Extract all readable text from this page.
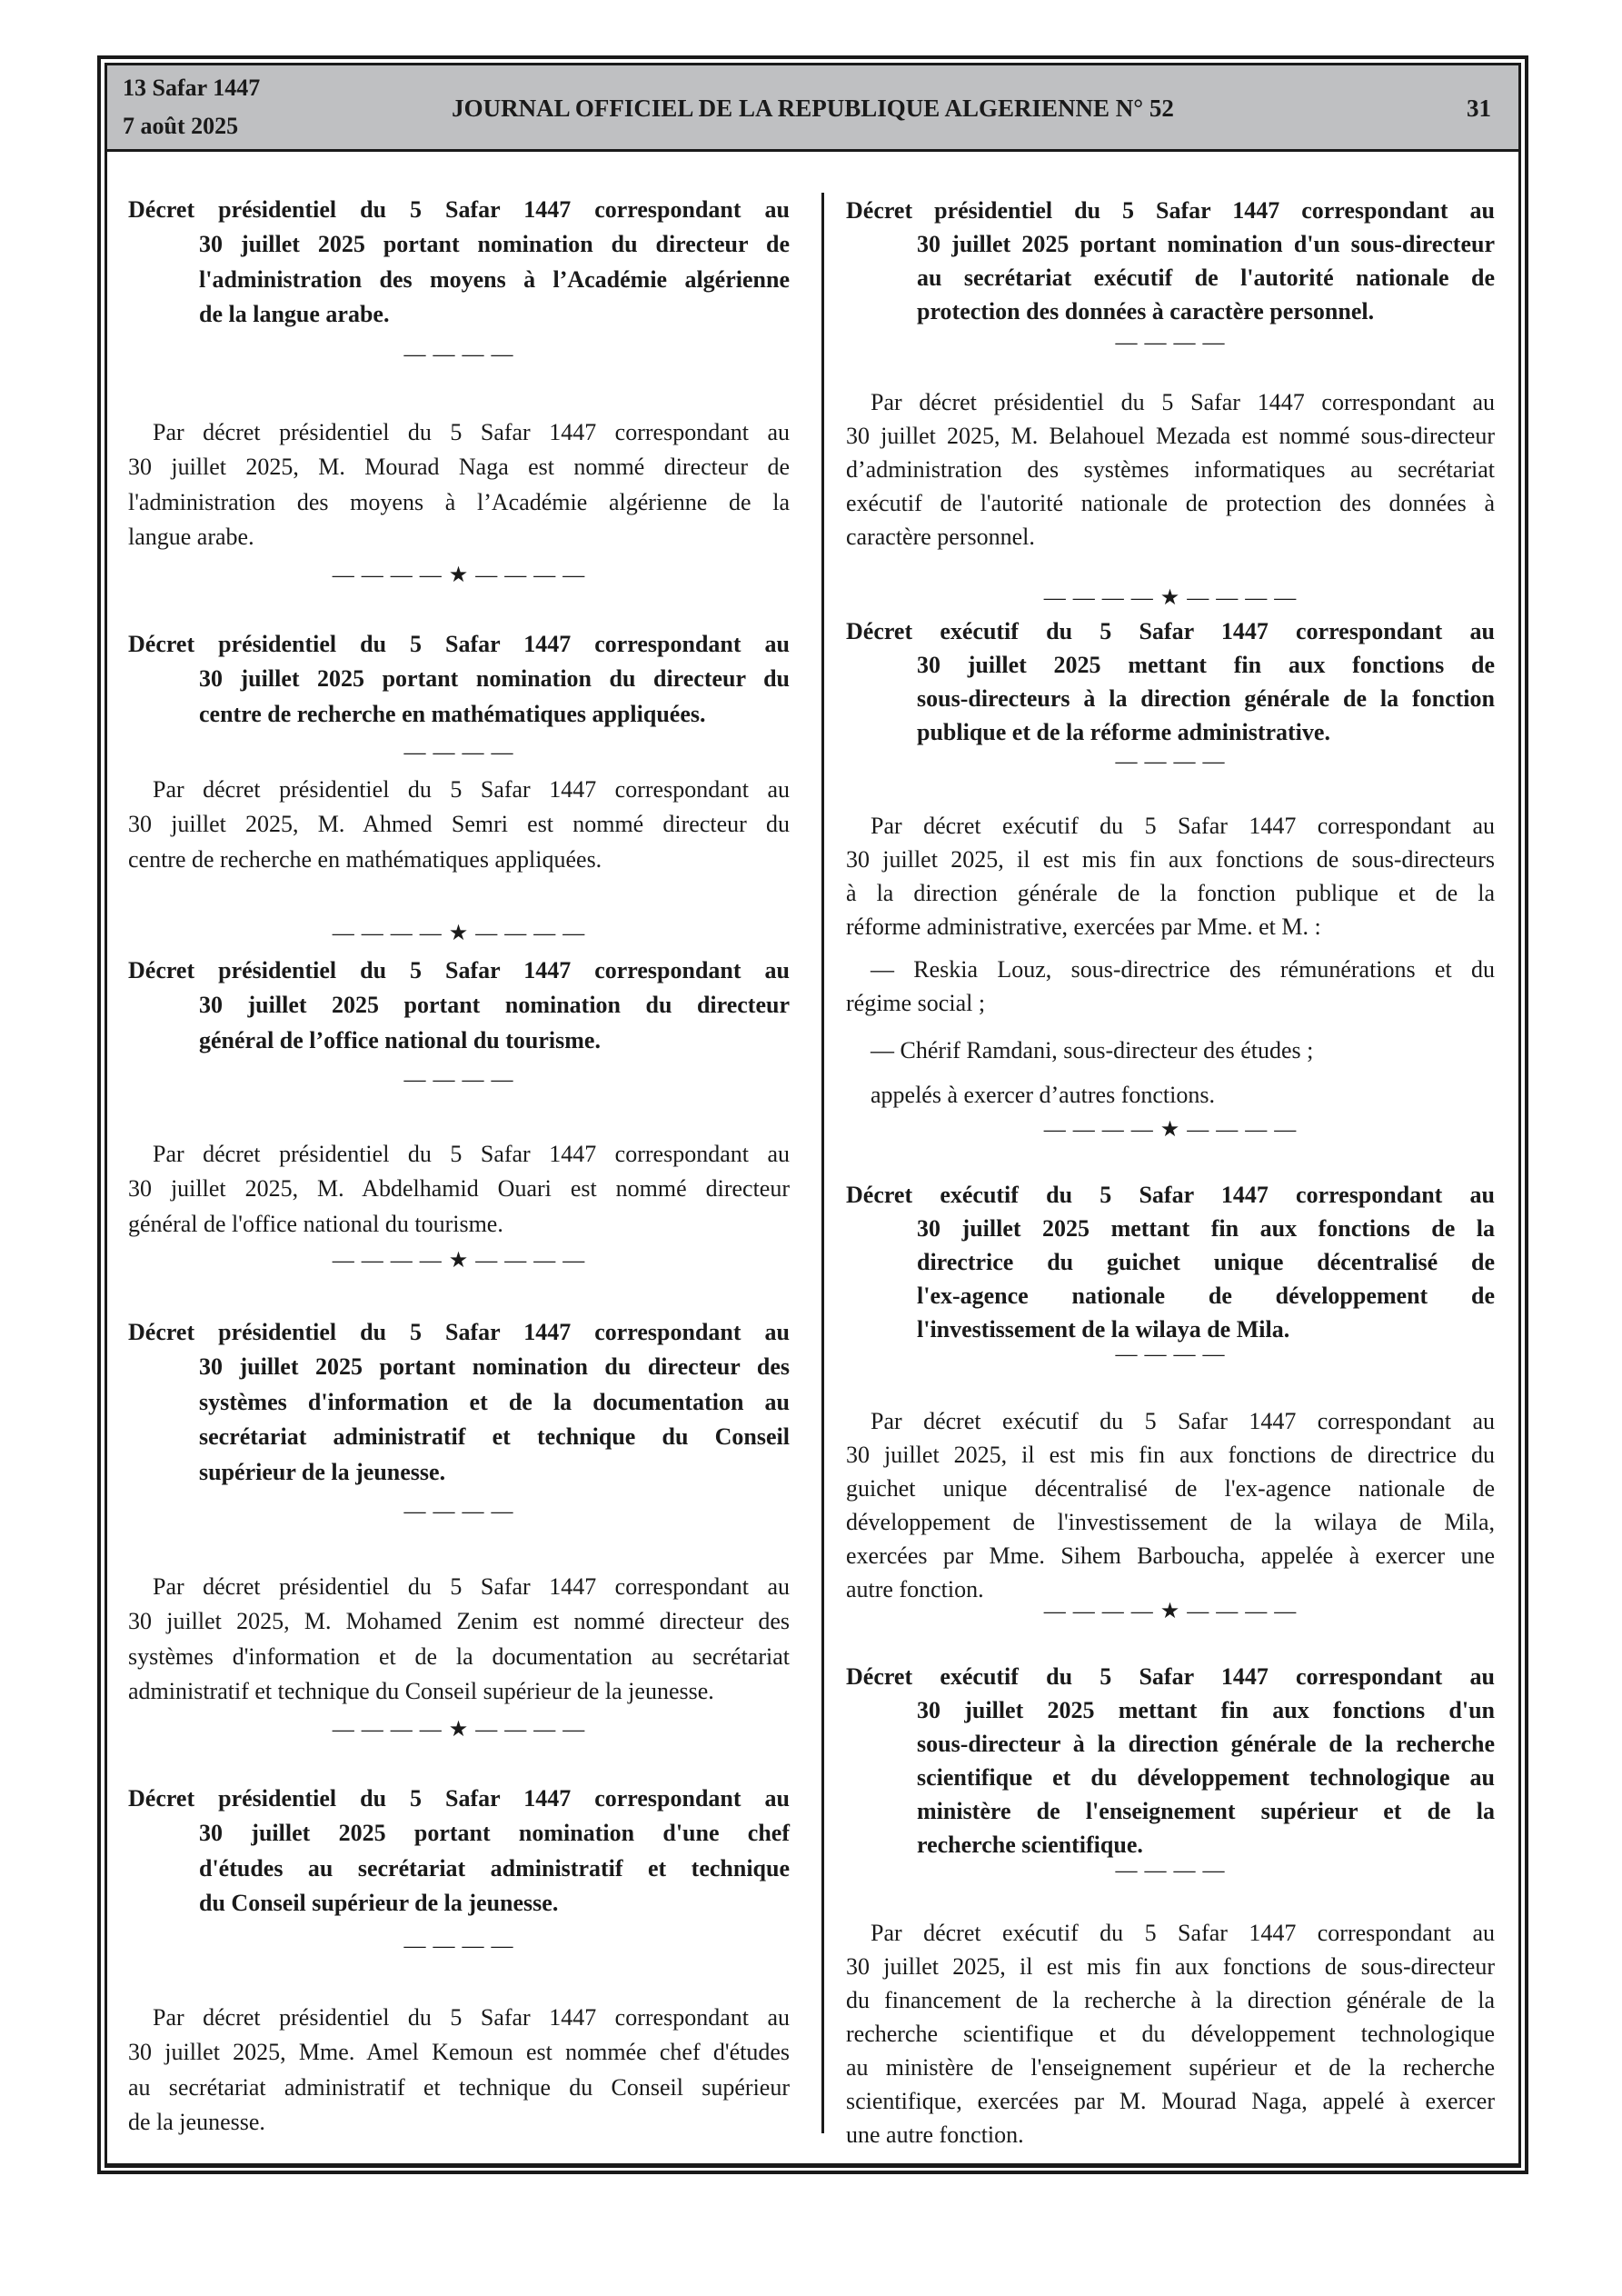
13 Safar 1447
7 août 2025
JOURNAL OFFICIEL DE LA REPUBLIQUE ALGERIENNE N° 52	31
Décret présidentiel du 5 Safar 1447 correspondant au
30 juillet 2025 portant nomination du directeur de
l'administration des moyens à l’Académie algérienne
de la langue arabe.
— — — —
Par décret présidentiel du 5 Safar 1447 correspondant au
30 juillet 2025, M. Mourad Naga est nommé directeur de
l'administration des moyens à l’Académie algérienne de la
langue arabe.
— — — — ★ — — — —
Décret présidentiel du 5 Safar 1447 correspondant au
30 juillet 2025 portant nomination du directeur du
centre de recherche en mathématiques appliquées.
— — — —
Par décret présidentiel du 5 Safar 1447 correspondant au
30 juillet 2025, M. Ahmed Semri est nommé directeur du
centre de recherche en mathématiques appliquées.
— — — — ★ — — — —
Décret présidentiel du 5 Safar 1447 correspondant au
30 juillet 2025 portant nomination du directeur
général de l’office national du tourisme.
— — — —
Par décret présidentiel du 5 Safar 1447 correspondant au
30 juillet 2025, M. Abdelhamid Ouari est nommé directeur
général de l'office national du tourisme.
— — — — ★ — — — —
Décret présidentiel du 5 Safar 1447 correspondant au
30 juillet 2025 portant nomination du directeur des
systèmes d'information et de la documentation au
secrétariat administratif et technique du Conseil
supérieur de la jeunesse.
— — — —
Par décret présidentiel du 5 Safar 1447 correspondant au
30 juillet 2025, M. Mohamed Zenim est nommé directeur des
systèmes d'information et de la documentation au secrétariat
administratif et technique du Conseil supérieur de la jeunesse.
— — — — ★ — — — —
Décret présidentiel du 5 Safar 1447 correspondant au
30 juillet 2025 portant nomination d'une chef
d'études au secrétariat administratif et technique
du Conseil supérieur de la jeunesse.
— — — —
Par décret présidentiel du 5 Safar 1447 correspondant au
30 juillet 2025, Mme. Amel Kemoun est nommée chef d'études
au secrétariat administratif et technique du Conseil supérieur
de la jeunesse.
Décret présidentiel du 5 Safar 1447 correspondant au
30 juillet 2025 portant nomination d'un sous-directeur
au secrétariat exécutif de l'autorité nationale de
protection des données à caractère personnel.
— — — —
Par décret présidentiel du 5 Safar 1447 correspondant au
30 juillet 2025, M. Belahouel Mezada est nommé sous-directeur
d’administration des systèmes informatiques au secrétariat
exécutif de l'autorité nationale de protection des données à
caractère personnel.
— — — — ★ — — — —
Décret exécutif du 5 Safar 1447 correspondant au
30 juillet 2025 mettant fin aux fonctions de
sous-directeurs à la direction générale de la fonction
publique et de la réforme administrative.
— — — —
Par décret exécutif du 5 Safar 1447 correspondant au
30 juillet 2025, il est mis fin aux fonctions de sous-directeurs
à la direction générale de la fonction publique et de la
réforme administrative, exercées par Mme. et M. :
— Reskia Louz, sous-directrice des rémunérations et du
régime social ;
— Chérif Ramdani, sous-directeur des études ;
appelés à exercer d’autres fonctions.
— — — — ★ — — — —
Décret exécutif du 5 Safar 1447 correspondant au
30 juillet 2025 mettant fin aux fonctions de la
directrice du guichet unique décentralisé de
l'ex-agence nationale de développement de
l'investissement de la wilaya de Mila.
— — — —
Par décret exécutif du 5 Safar 1447 correspondant au
30 juillet 2025, il est mis fin aux fonctions de directrice du
guichet unique décentralisé de l'ex-agence nationale de
développement de l'investissement de la wilaya de Mila,
exercées par Mme. Sihem Barboucha, appelée à exercer une
autre fonction.
— — — — ★ — — — —
Décret exécutif du 5 Safar 1447 correspondant au
30 juillet 2025 mettant fin aux fonctions d'un
sous-directeur à la direction générale de la recherche
scientifique et du développement technologique au
ministère de l'enseignement supérieur et de la
recherche scientifique.
— — — —
Par décret exécutif du 5 Safar 1447 correspondant au
30 juillet 2025, il est mis fin aux fonctions de sous-directeur
du financement de la recherche à la direction générale de la
recherche scientifique et du développement technologique
au ministère de l'enseignement supérieur et de la recherche
scientifique, exercées par M. Mourad Naga, appelé à exercer
une autre fonction.
